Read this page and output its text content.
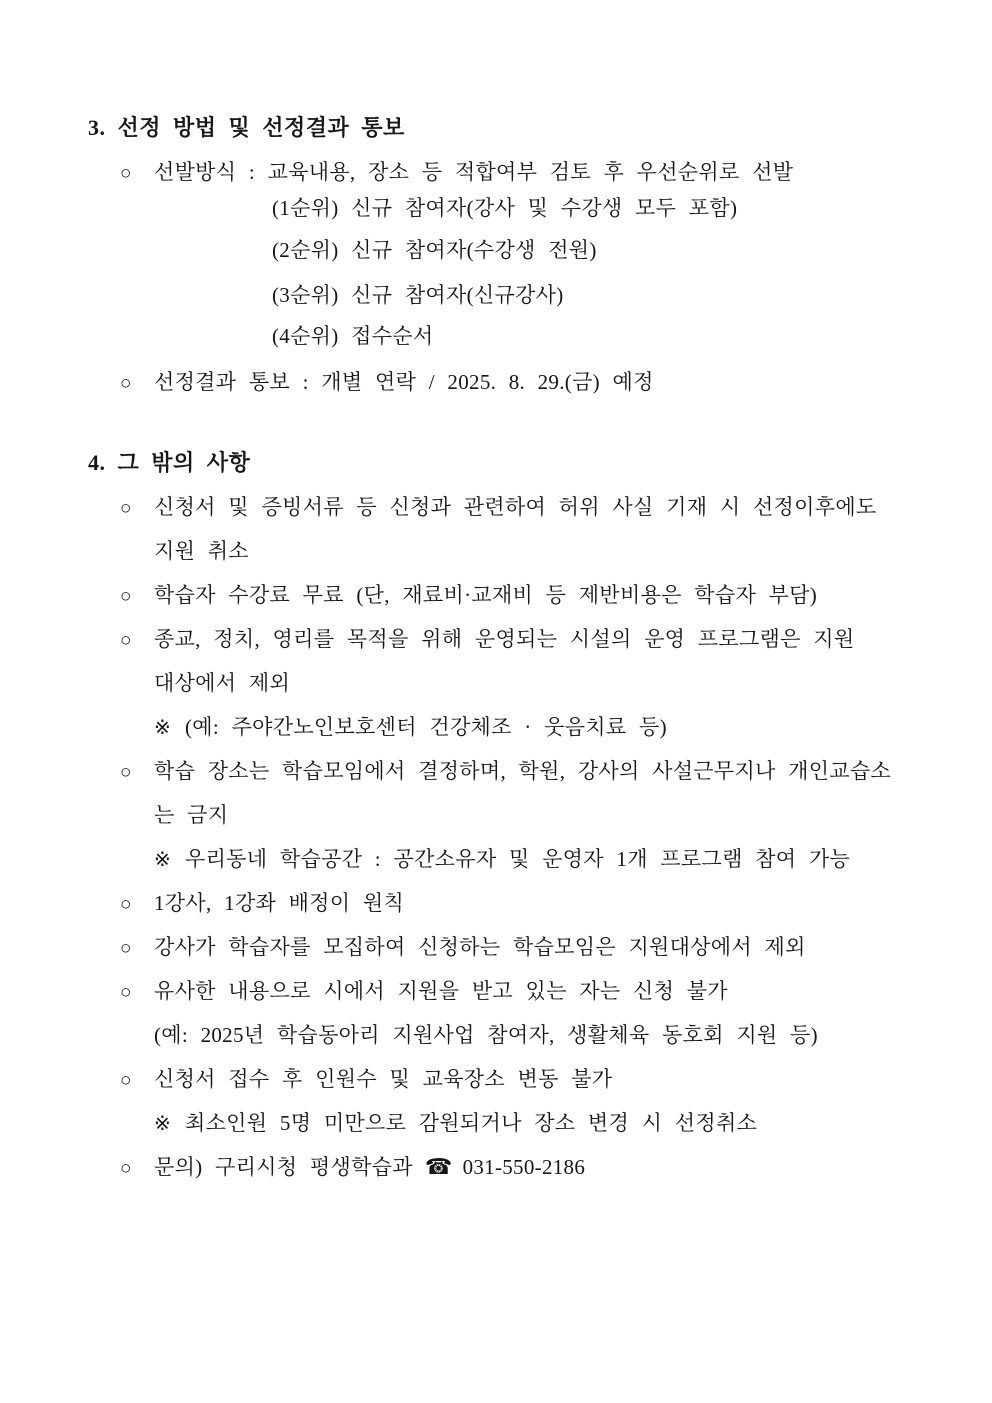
3. 선정 방법 및 선정결과 통보
○ 선발방식 : 교육내용, 장소 등 적합여부 검토 후 우선순위로 선발
(1순위) 신규 참여자(강사 및 수강생 모두 포함)
(2순위) 신규 참여자(수강생 전원)
(3순위) 신규 참여자(신규강사)
(4순위) 접수순서
○ 선정결과 통보 : 개별 연락 / 2025. 8. 29.(금) 예정
4. 그 밖의 사항
○ 신청서 및 증빙서류 등 신청과 관련하여 허위 사실 기재 시 선정이후에도
지원 취소
○ 학습자 수강료 무료 (단, 재료비·교재비 등 제반비용은 학습자 부담)
○ 종교, 정치, 영리를 목적을 위해 운영되는 시설의 운영 프로그램은 지원
대상에서 제외
※ (예: 주야간노인보호센터 건강체조 · 웃음치료 등)
○ 학습 장소는 학습모임에서 결정하며, 학원, 강사의 사설근무지나 개인교습소
는 금지
※ 우리동네 학습공간 : 공간소유자 및 운영자 1개 프로그램 참여 가능
○ 1강사, 1강좌 배정이 원칙
○ 강사가 학습자를 모집하여 신청하는 학습모임은 지원대상에서 제외
○ 유사한 내용으로 시에서 지원을 받고 있는 자는 신청 불가
(예: 2025년 학습동아리 지원사업 참여자, 생활체육 동호회 지원 등)
○ 신청서 접수 후 인원수 및 교육장소 변동 불가
※ 최소인원 5명 미만으로 감원되거나 장소 변경 시 선정취소
○ 문의) 구리시청 평생학습과 ☎ 031-550-2186
